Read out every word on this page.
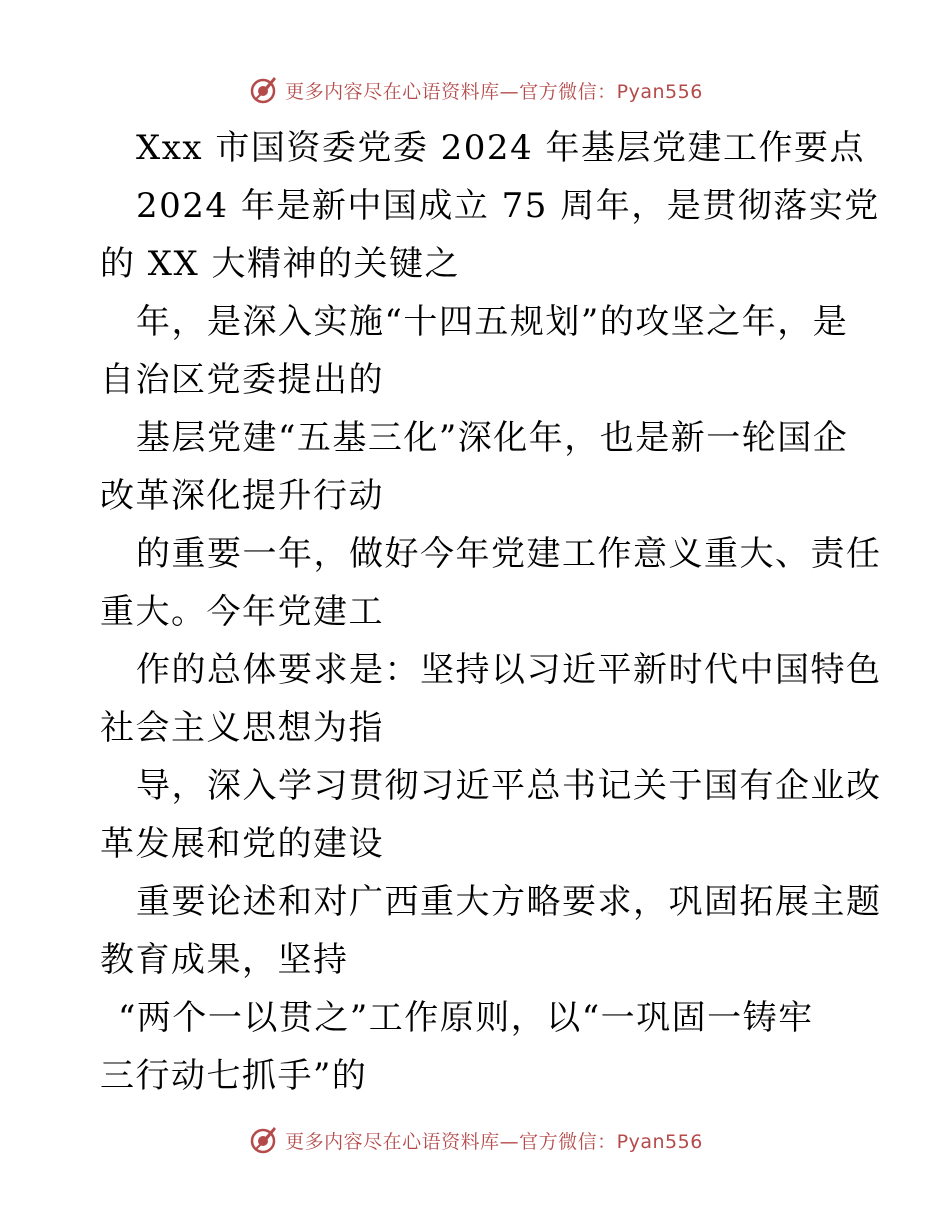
更多内容尽在心语资料库—官方微信：Pyan556
Xxx 市国资委党委 2024 年基层党建工作要点
2024 年是新中国成立 75 周年，是贯彻落实党
的 XX 大精神的关键之
年，是深入实施“十四五规划”的攻坚之年，是
自治区党委提出的
基层党建“五基三化”深化年，也是新一轮国企
改革深化提升行动
的重要一年，做好今年党建工作意义重大、责任
重大。今年党建工
作的总体要求是：坚持以习近平新时代中国特色
社会主义思想为指
导，深入学习贯彻习近平总书记关于国有企业改
革发展和党的建设
重要论述和对广西重大方略要求，巩固拓展主题
教育成果，坚持
“两个一以贯之”工作原则，以“一巩固一铸牢
三行动七抓手”的
更多内容尽在心语资料库—官方微信：Pyan556
